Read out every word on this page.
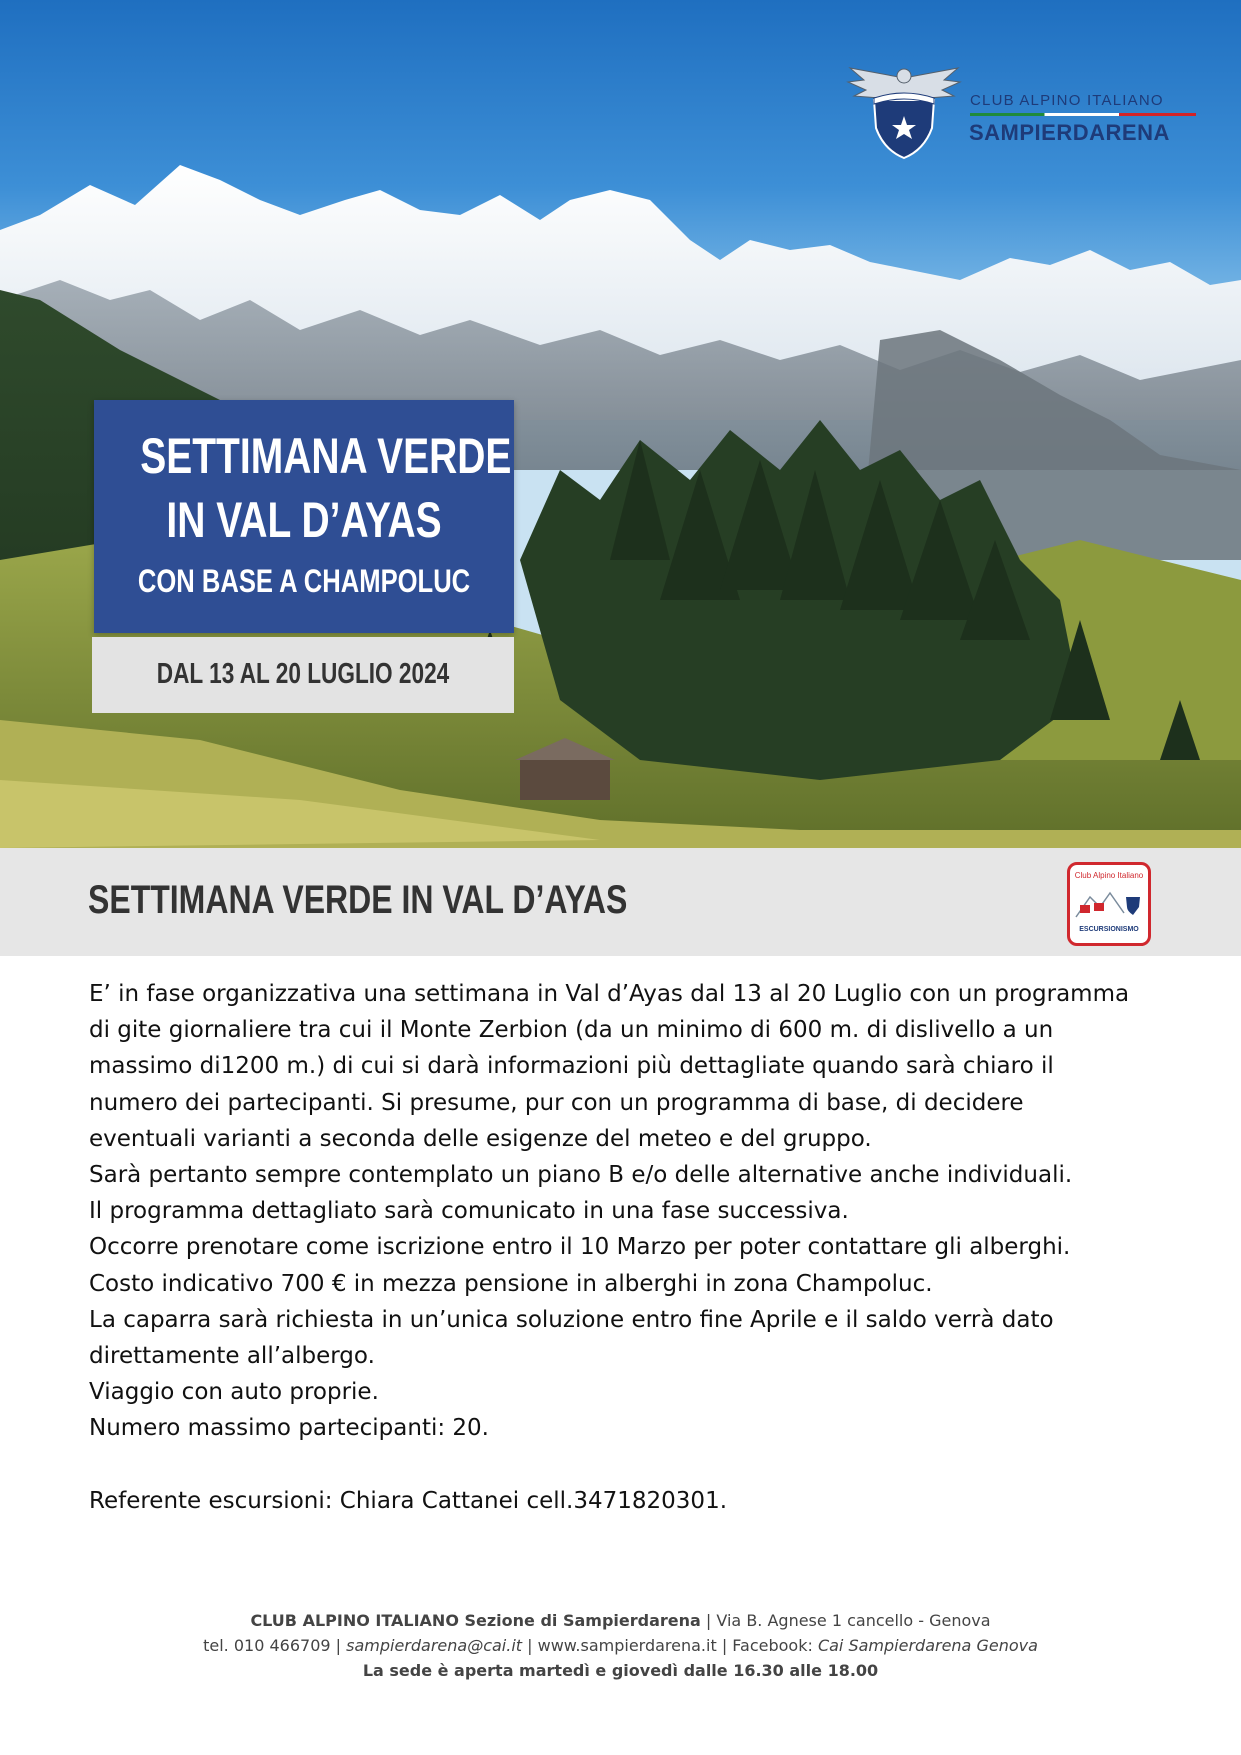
CLUB ALPINO ITALIANO
SAMPIERDARENA
SETTIMANA VERDE
IN VAL D’AYAS
CON BASE A CHAMPOLUC
DAL 13 AL 20 LUGLIO 2024
SETTIMANA VERDE IN VAL D’AYAS
Club Alpino Italiano
ESCURSIONISMO

E’ in fase organizzativa una settimana in Val d’Ayas dal 13 al 20 Luglio con un programma

di gite giornaliere tra cui il Monte Zerbion (da un minimo di 600 m. di dislivello a un

massimo di1200 m.) di cui si darà informazioni più dettagliate quando sarà chiaro il

numero dei partecipanti. Si presume, pur con un programma di base, di decidere

eventuali varianti a seconda delle esigenze del meteo e del gruppo.

Sarà pertanto sempre contemplato un piano B e/o delle alternative anche individuali.

Il programma dettagliato sarà comunicato in una fase successiva.

Occorre prenotare come iscrizione entro il 10 Marzo per poter contattare gli alberghi.

Costo indicativo 700 € in mezza pensione in alberghi in zona Champoluc.

La caparra sarà richiesta in un’unica soluzione entro fine Aprile e il saldo verrà dato

direttamente all’albergo.

Viaggio con auto proprie.

Numero massimo partecipanti: 20.

Referente escursioni: Chiara Cattanei cell.3471820301.

CLUB ALPINO ITALIANO Sezione di Sampierdarena | Via B. Agnese 1 cancello - Genova
tel. 010 466709 | sampierdarena@cai.it | www.sampierdarena.it | Facebook: Cai Sampierdarena Genova
La sede è aperta martedì e giovedì dalle 16.30 alle 18.00
